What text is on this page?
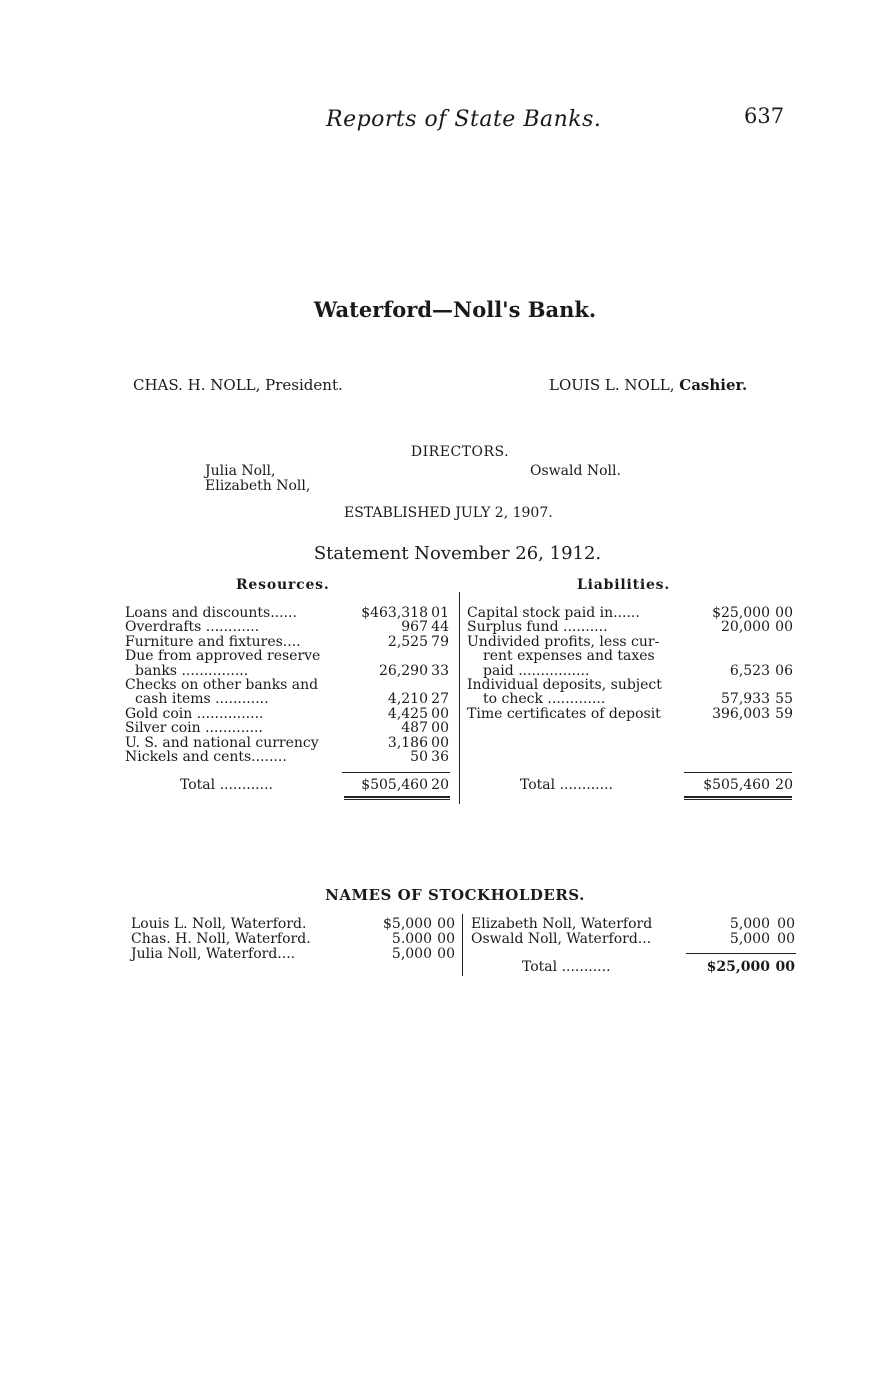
Reports of State Banks.	637
Waterford—Noll's Bank.
CHAS. H. NOLL, President.	LOUIS L. NOLL, Cashier.
DIRECTORS.
Julia Noll,
Elizabeth Noll,
Oswald Noll.
ESTABLISHED JULY 2, 1907.
Statement November 26, 1912.
Resources.	Liabilities.
Loans and discounts......	$463,318 01
Overdrafts ............	967 44
Furniture and fixtures....	2,525 79
Due from approved reserve
banks ...............	26,290 33
Checks on other banks and
cash items ............	4,210 27
Gold coin ...............	4,425 00
Silver coin .............	487 00
U. S. and national currency	3,186 00
Nickels and cents........	50 36
Total ............	$505,460 20
Capital stock paid in......	$25,000 00
Surplus fund ..........	20,000 00
Undivided profits, less cur-
rent expenses and taxes
paid ................	6,523 06
Individual deposits, subject
to check .............	57,933 55
Time certificates of deposit	396,003 59
Total ............	$505,460 20
NAMES OF STOCKHOLDERS.
Louis L. Noll, Waterford.	$5,000 00
Chas. H. Noll, Waterford.	5.000 00
Julia Noll, Waterford....	5,000 00
Elizabeth Noll, Waterford	5,000 00
Oswald Noll, Waterford...	5,000 00
Total ...........	$25,000 00
